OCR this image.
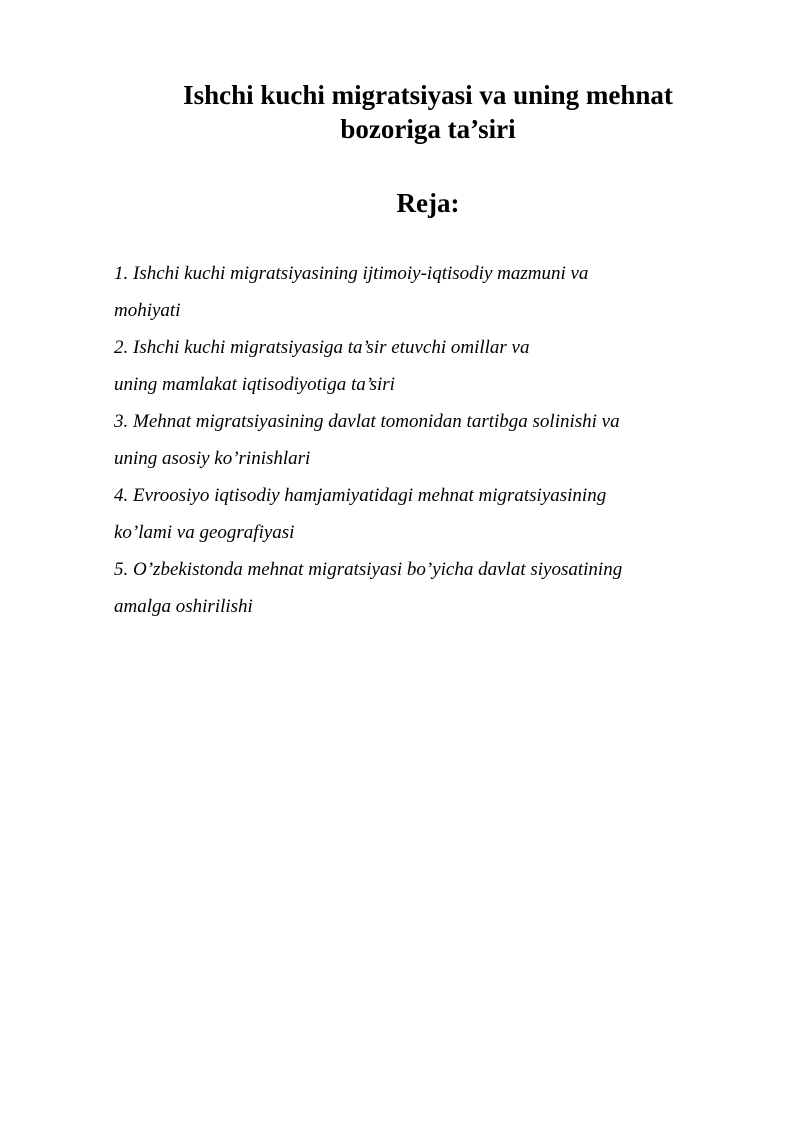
Ishchi kuchi migratsiyasi va uning mehnat
bozoriga ta’siri
Reja:
1. Ishchi kuchi migratsiyasining ijtimoiy-iqtisodiy mazmuni va
mohiyati
2. Ishchi kuchi migratsiyasiga ta’sir etuvchi omillar va
uning mamlakat iqtisodiyotiga ta’siri
3. Mehnat migratsiyasining davlat tomonidan tartibga solinishi va
uning asosiy ko’rinishlari
4. Evroosiyo iqtisodiy hamjamiyatidagi mehnat migratsiyasining
ko’lami va geografiyasi
5. O’zbekistonda mehnat migratsiyasi bo’yicha davlat siyosatining
amalga oshirilishi
